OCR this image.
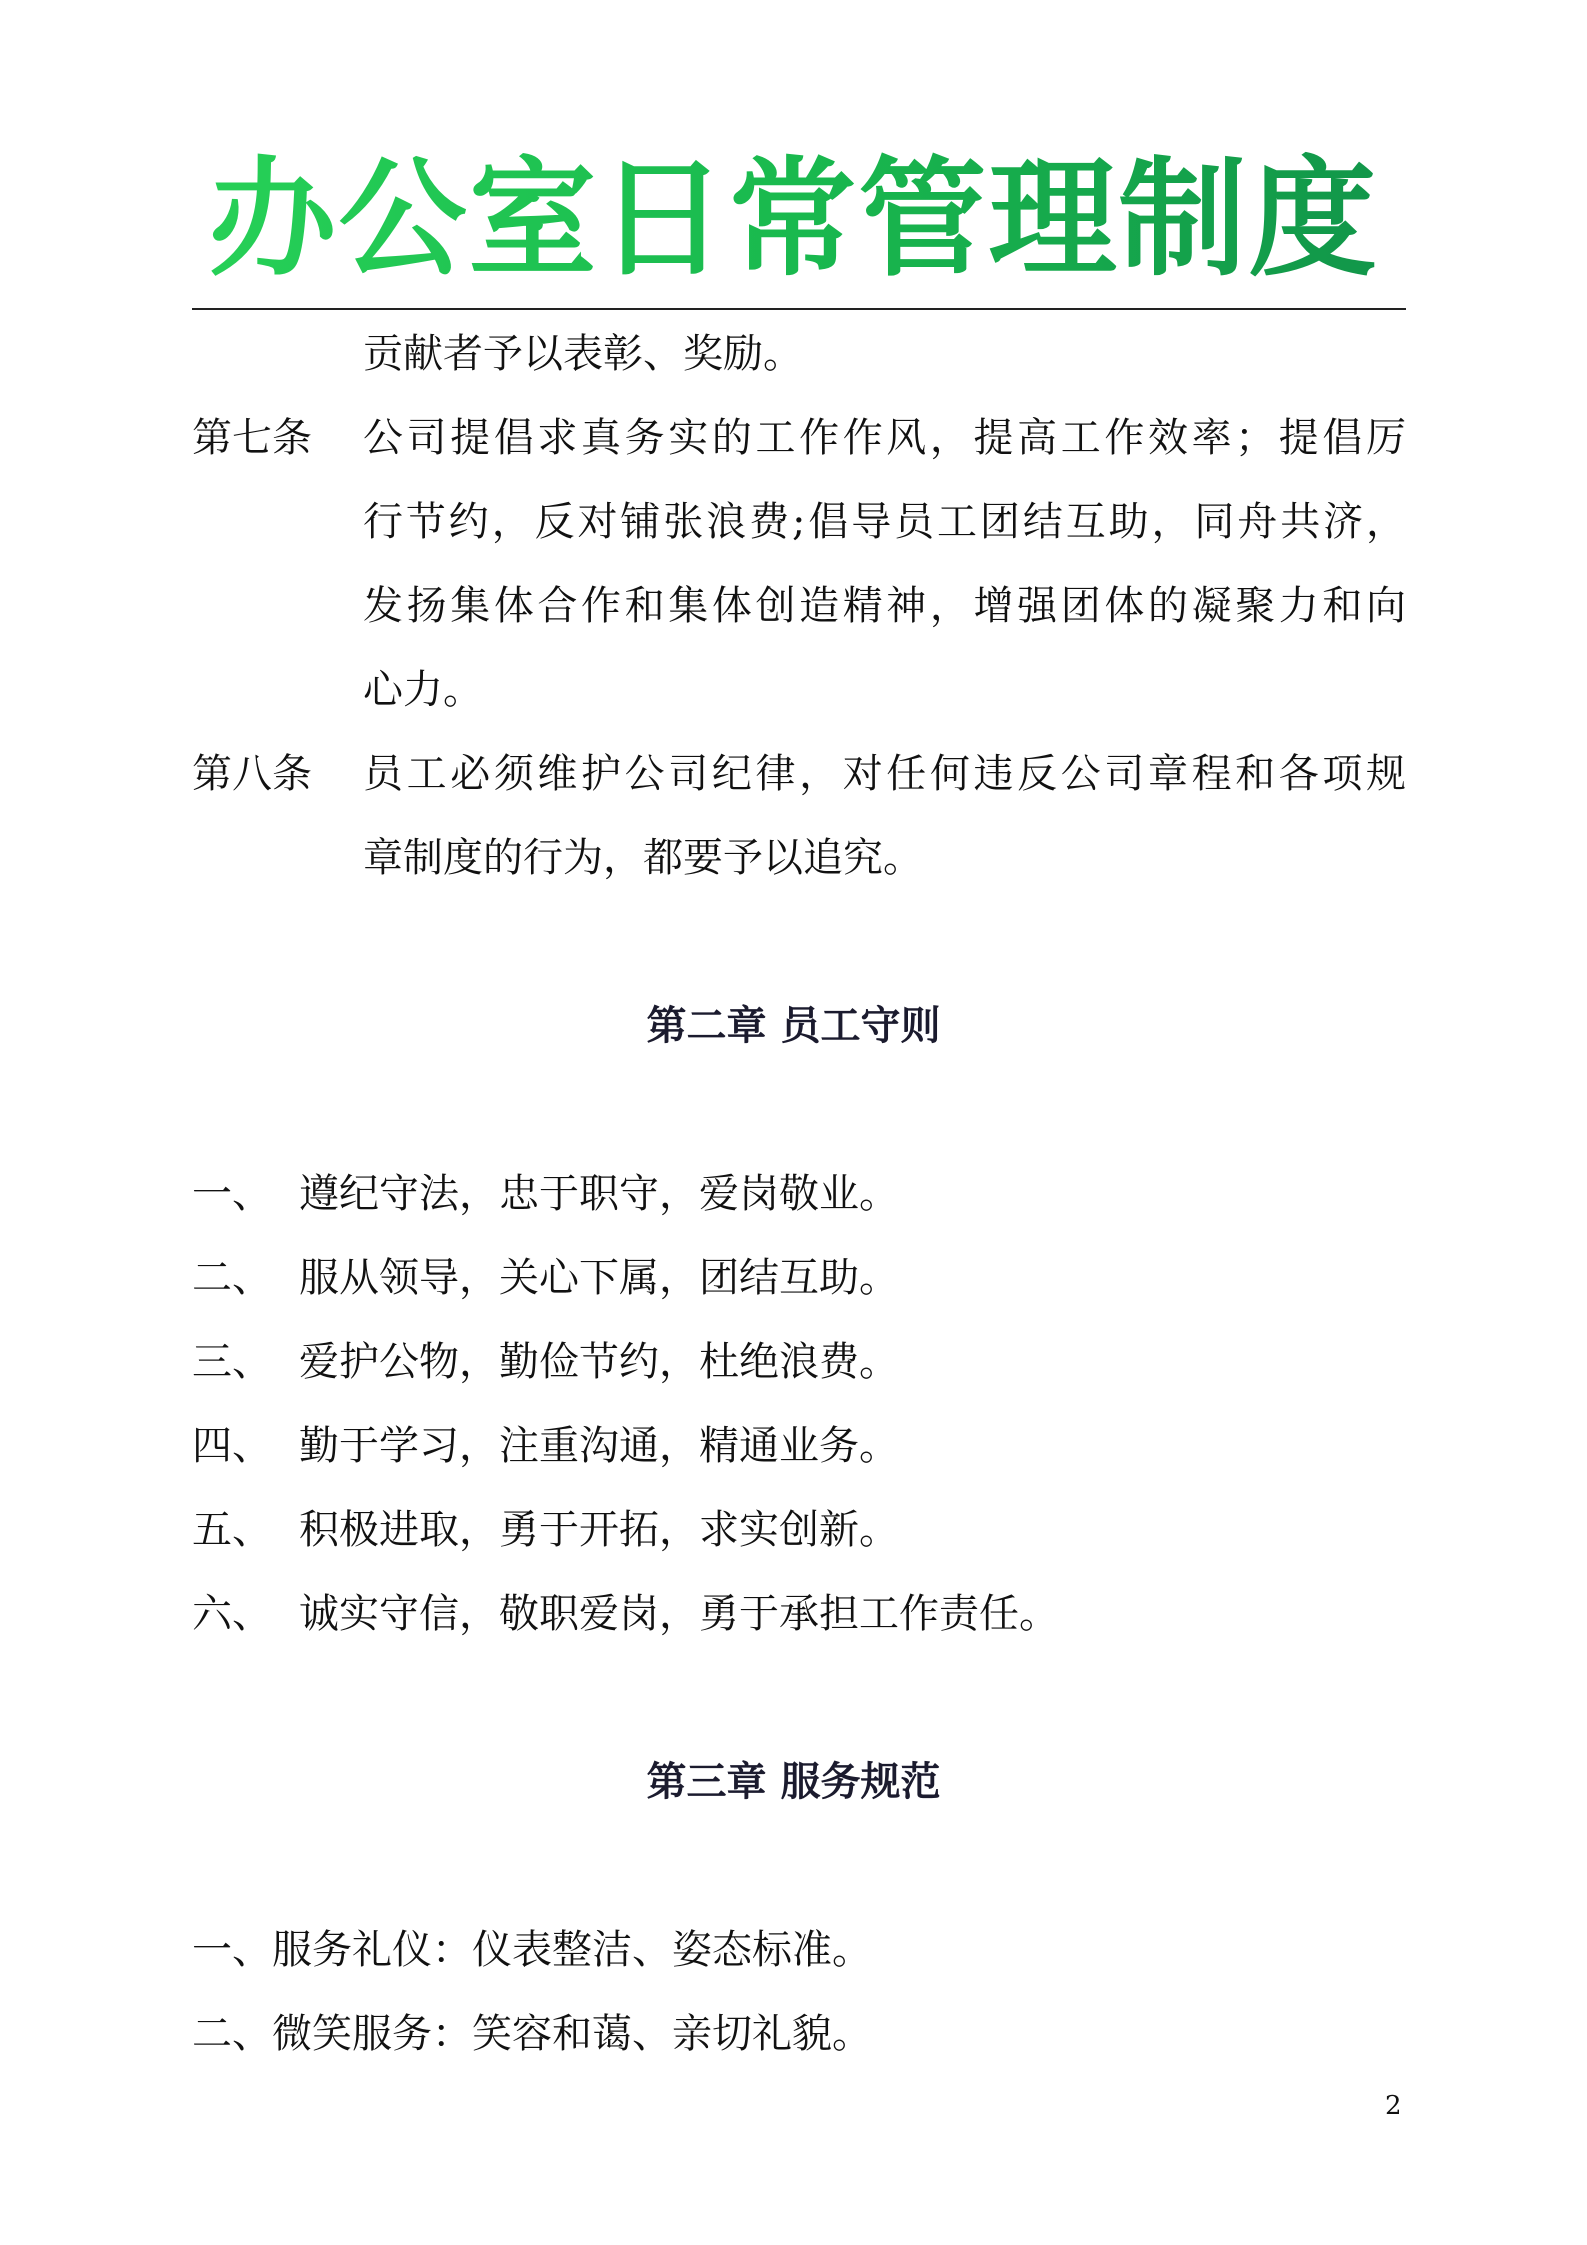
办公室日常管理制度
贡献者予以表彰、奖励。
第七条 公司提倡求真务实的工作作风，提高工作效率；提倡厉
行节约，反对铺张浪费;倡导员工团结互助，同舟共济，
发扬集体合作和集体创造精神，增强团体的凝聚力和向
心力。
第八条 员工必须维护公司纪律，对任何违反公司章程和各项规
章制度的行为，都要予以追究。
第二章 员工守则
一、 遵纪守法，忠于职守，爱岗敬业。
二、 服从领导，关心下属，团结互助。
三、 爱护公物，勤俭节约，杜绝浪费。
四、 勤于学习，注重沟通，精通业务。
五、 积极进取，勇于开拓，求实创新。
六、 诚实守信，敬职爱岗，勇于承担工作责任。
第三章 服务规范
一、服务礼仪：仪表整洁、姿态标准。
二、微笑服务：笑容和蔼、亲切礼貌。
2
